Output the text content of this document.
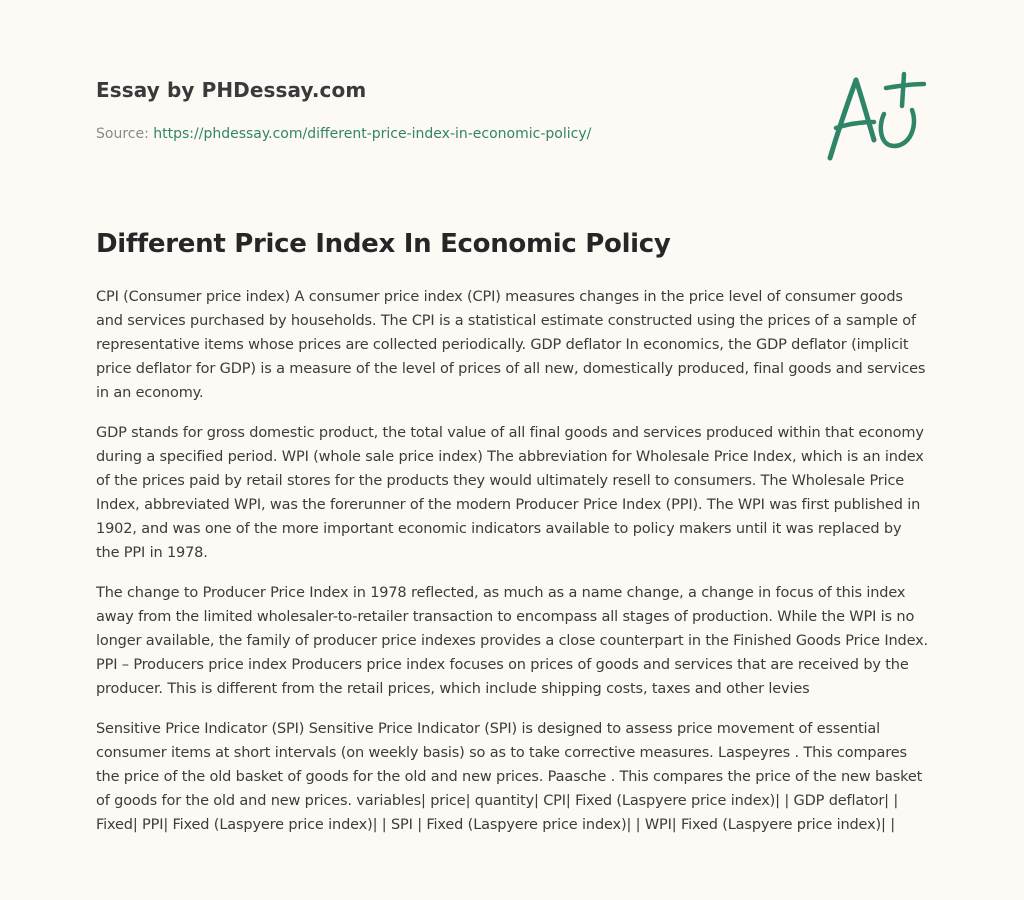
Essay by PHDessay.com
Source: https://phdessay.com/different-price-index-in-economic-policy/
Different Price Index In Economic Policy

CPI (Consumer price index) A consumer price index (CPI) measures changes in the price level of consumer goods and services purchased by households. The CPI is a statistical estimate constructed using the prices of a sample of representative items whose prices are collected periodically. GDP deflator In economics, the GDP deflator (implicit price deflator for GDP) is a measure of the level of prices of all new, domestically produced, final goods and services in an economy.

GDP stands for gross domestic product, the total value of all final goods and services produced within that economy during a specified period. WPI (whole sale price index) The abbreviation for Wholesale Price Index, which is an index of the prices paid by retail stores for the products they would ultimately resell to consumers. The Wholesale Price Index, abbreviated WPI, was the forerunner of the modern Producer Price Index (PPI). The WPI was first published in 1902, and was one of the more important economic indicators available to policy makers until it was replaced by the PPI in 1978.

The change to Producer Price Index in 1978 reflected, as much as a name change, a change in focus of this index away from the limited wholesaler-to-retailer transaction to encompass all stages of production. While the WPI is no longer available, the family of producer price indexes provides a close counterpart in the Finished Goods Price Index. PPI – Producers price index Producers price index focuses on prices of goods and services that are received by the producer. This is different from the retail prices, which include shipping costs, taxes and other levies

Sensitive Price Indicator (SPI) Sensitive Price Indicator (SPI) is designed to assess price movement of essential consumer items at short intervals (on weekly basis) so as to take corrective measures. Laspeyres . This compares the price of the old basket of goods for the old and new prices. Paasche . This compares the price of the new basket of goods for the old and new prices. variables| price| quantity| CPI| Fixed (Laspyere price index)| | GDP deflator| | Fixed| PPI| Fixed (Laspyere price index)| | SPI | Fixed (Laspyere price index)| | WPI| Fixed (Laspyere price index)| |
